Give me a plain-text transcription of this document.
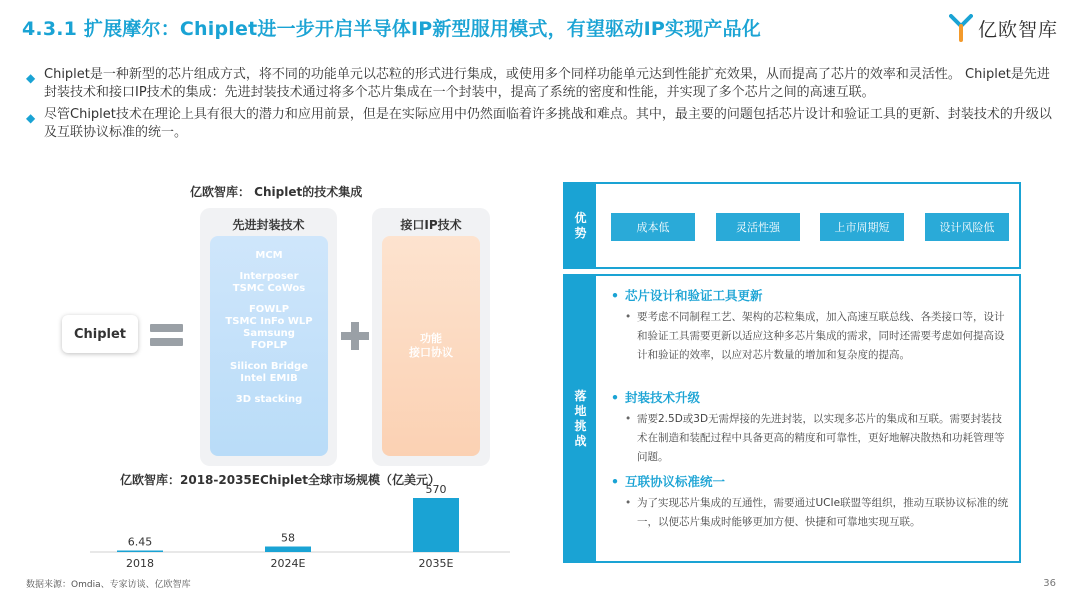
4.3.1 扩展摩尔：Chiplet进一步开启半导体IP新型服用模式，有望驱动IP实现产品化	亿欧智库
◆ Chiplet是一种新型的芯片组成方式，将不同的功能单元以芯粒的形式进行集成，或使用多个同样功能单元达到性能扩充效果，从而提高了芯片的效率和灵活性。 Chiplet是先进封装技术和接口IP技术的集成：先进封装技术通过将多个芯片集成在一个封装中，提高了系统的密度和性能，并实现了多个芯片之间的高速互联。
◆ 尽管Chiplet技术在理论上具有很大的潜力和应用前景，但是在实际应用中仍然面临着许多挑战和难点。其中，最主要的问题包括芯片设计和验证工具的更新、封装技术的升级以及互联协议标准的统一。
亿欧智库： Chiplet的技术集成
Chiplet
先进封装技术
MCM
Interposer
TSMC CoWos
FOWLP
TSMC InFo WLP
Samsung
FOPLP
Silicon Bridge
Intel EMIB
3D stacking
接口IP技术
功能
接口协议
亿欧智库：2018-2035EChiplet全球市场规模（亿美元）
6.45
2018
58
2024E
570
2035E
优势	成本低	灵活性强	上市周期短	设计风险低
落地挑战
• 芯片设计和验证工具更新
• 要考虑不同制程工艺、架构的芯粒集成，加入高速互联总线、各类接口等，设计和验证工具需要更新以适应这种多芯片集成的需求，同时还需要考虑如何提高设计和验证的效率，以应对芯片数量的增加和复杂度的提高。
• 封装技术升级
• 需要2.5D或3D无需焊接的先进封装，以实现多芯片的集成和互联。需要封装技术在制造和装配过程中具备更高的精度和可靠性，更好地解决散热和功耗管理等问题。
• 互联协议标准统一
• 为了实现芯片集成的互通性，需要通过UCIe联盟等组织，推动互联协议标准的统一，以便芯片集成时能够更加方便、快捷和可靠地实现互联。
数据来源：Omdia、专家访谈、亿欧智库	36
